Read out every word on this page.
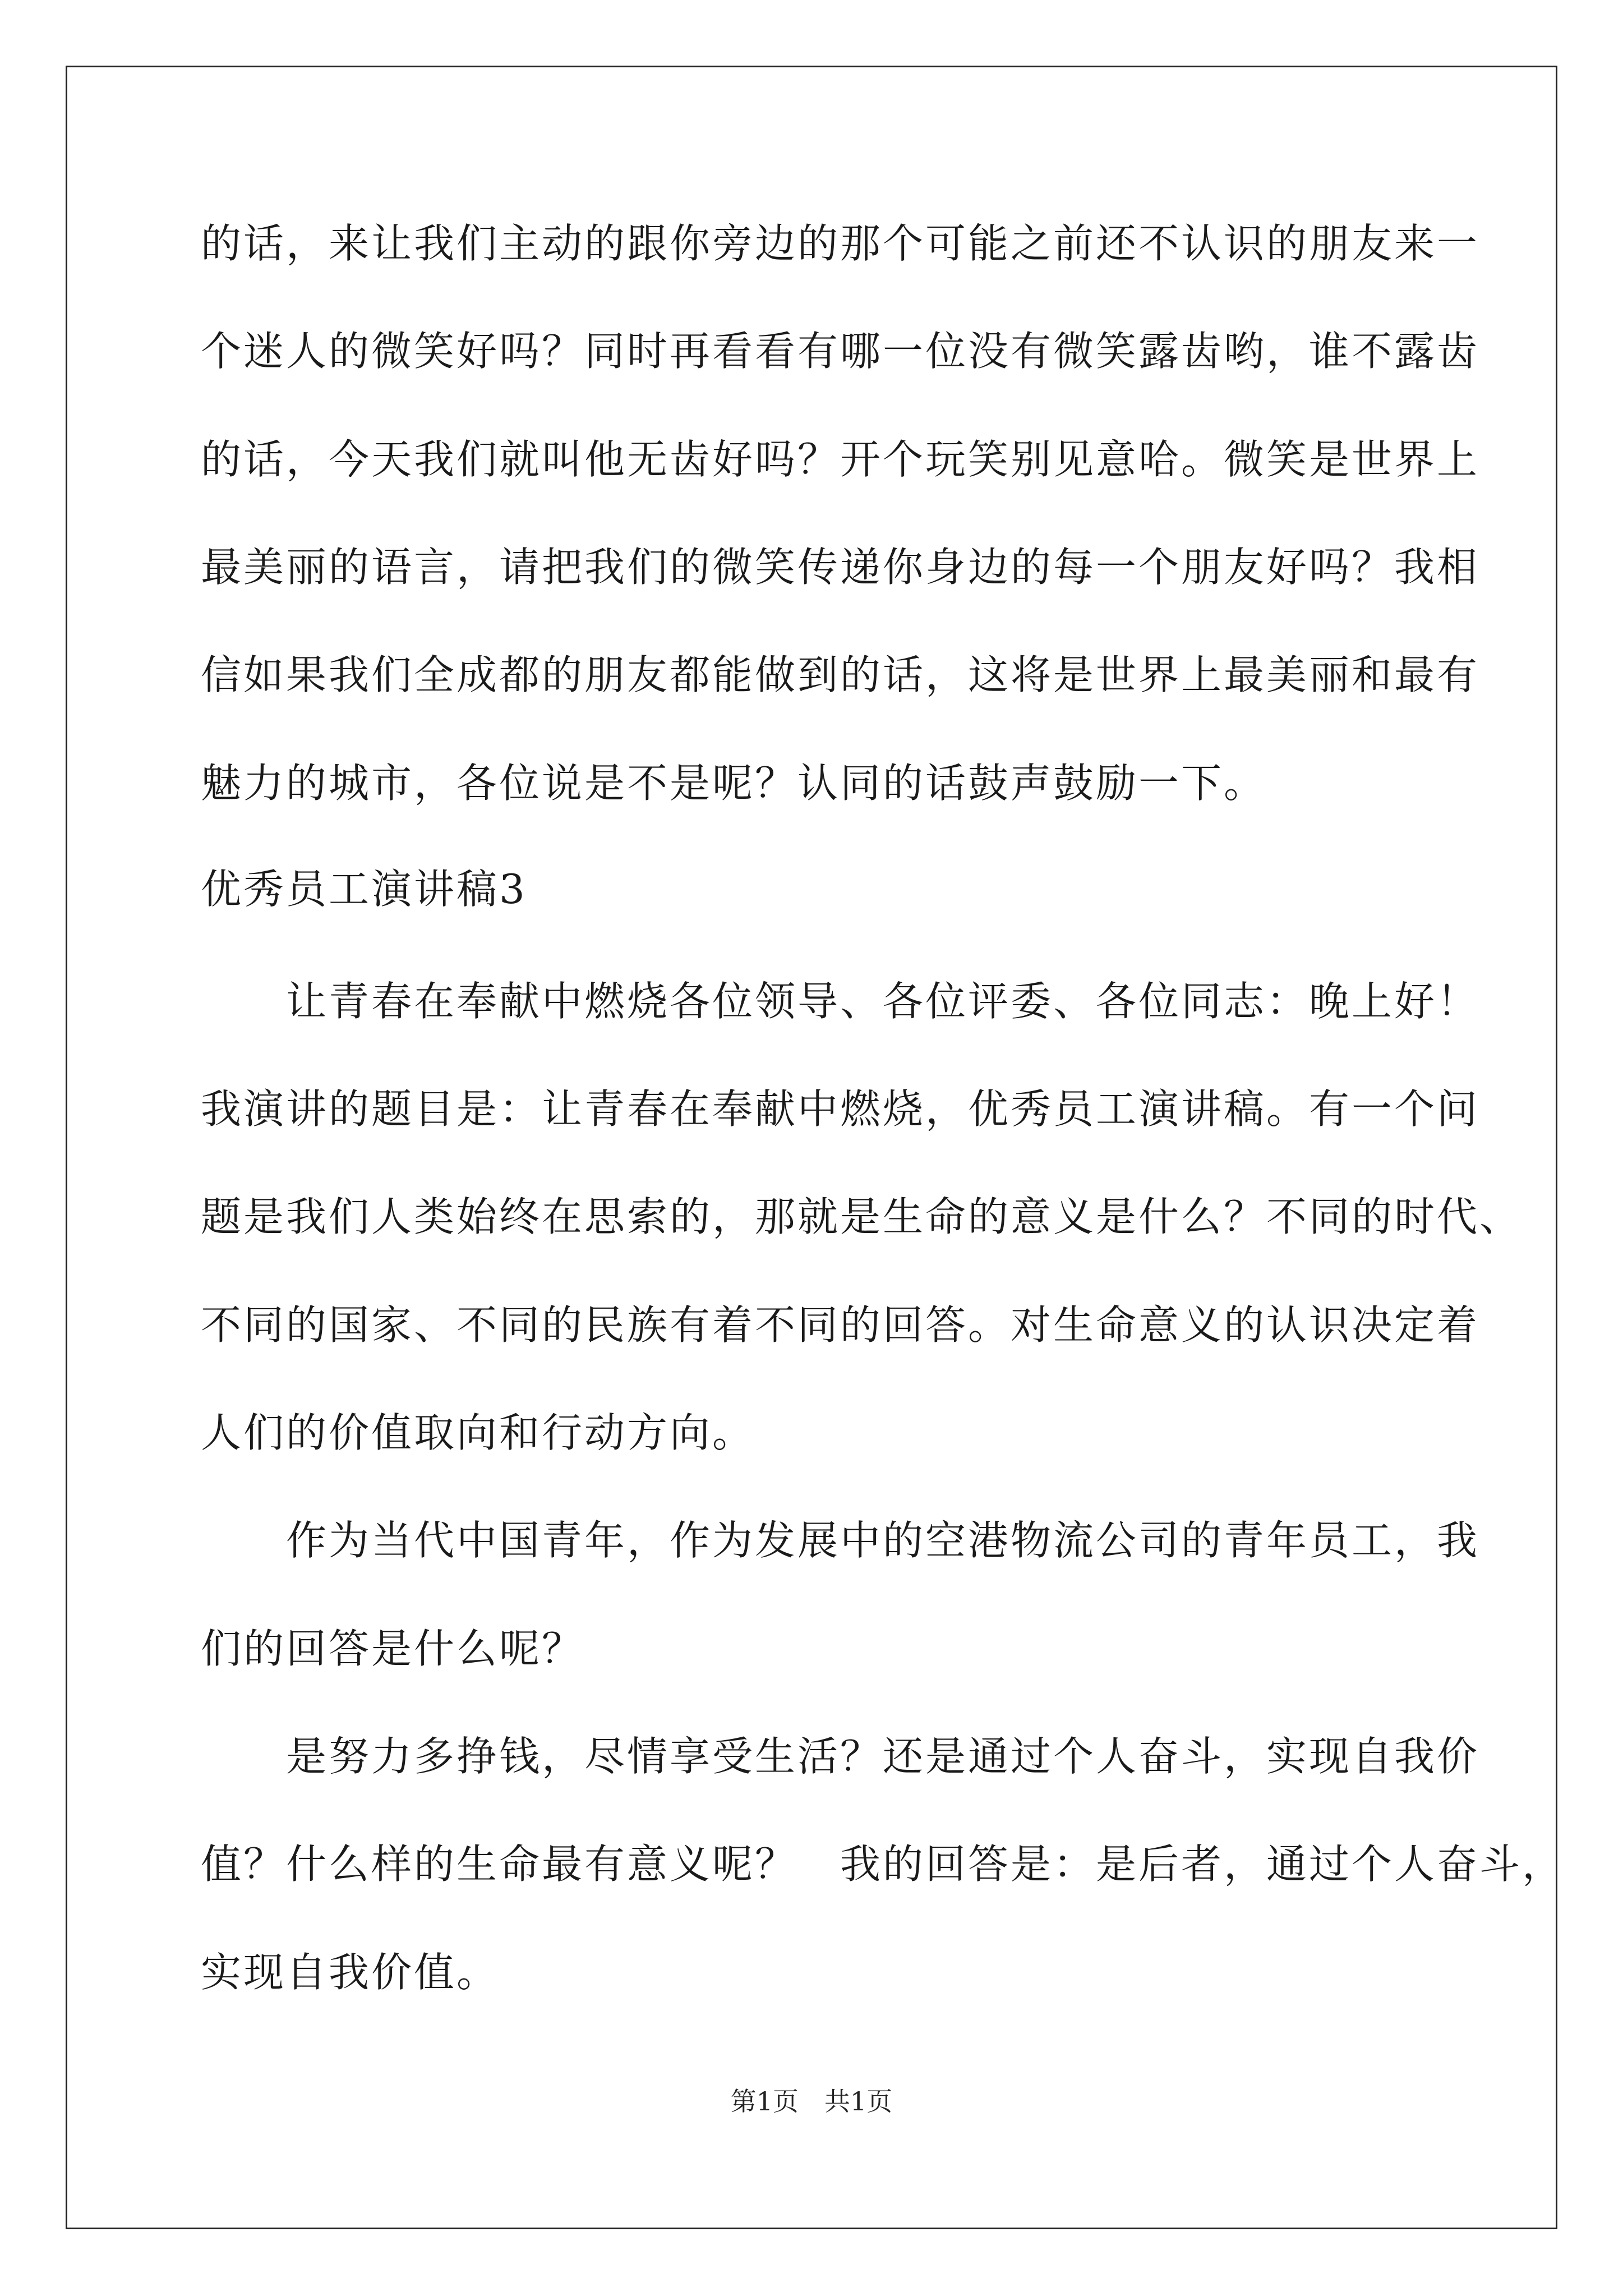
的话，来让我们主动的跟你旁边的那个可能之前还不认识的朋友来一
个迷人的微笑好吗？同时再看看有哪一位没有微笑露齿哟，谁不露齿
的话，今天我们就叫他无齿好吗？开个玩笑别见意哈。微笑是世界上
最美丽的语言，请把我们的微笑传递你身边的每一个朋友好吗？我相
信如果我们全成都的朋友都能做到的话，这将是世界上最美丽和最有
魅力的城市，各位说是不是呢？认同的话鼓声鼓励一下。
优秀员工演讲稿3
　　让青春在奉献中燃烧各位领导、各位评委、各位同志：晚上好！
我演讲的题目是：让青春在奉献中燃烧，优秀员工演讲稿。有一个问
题是我们人类始终在思索的，那就是生命的意义是什么？不同的时代、
不同的国家、不同的民族有着不同的回答。对生命意义的认识决定着
人们的价值取向和行动方向。
　　作为当代中国青年，作为发展中的空港物流公司的青年员工，我
们的回答是什么呢？
　　是努力多挣钱，尽情享受生活？还是通过个人奋斗，实现自我价
值？什么样的生命最有意义呢？　我的回答是：是后者，通过个人奋斗，
实现自我价值。
第1页　共1页
